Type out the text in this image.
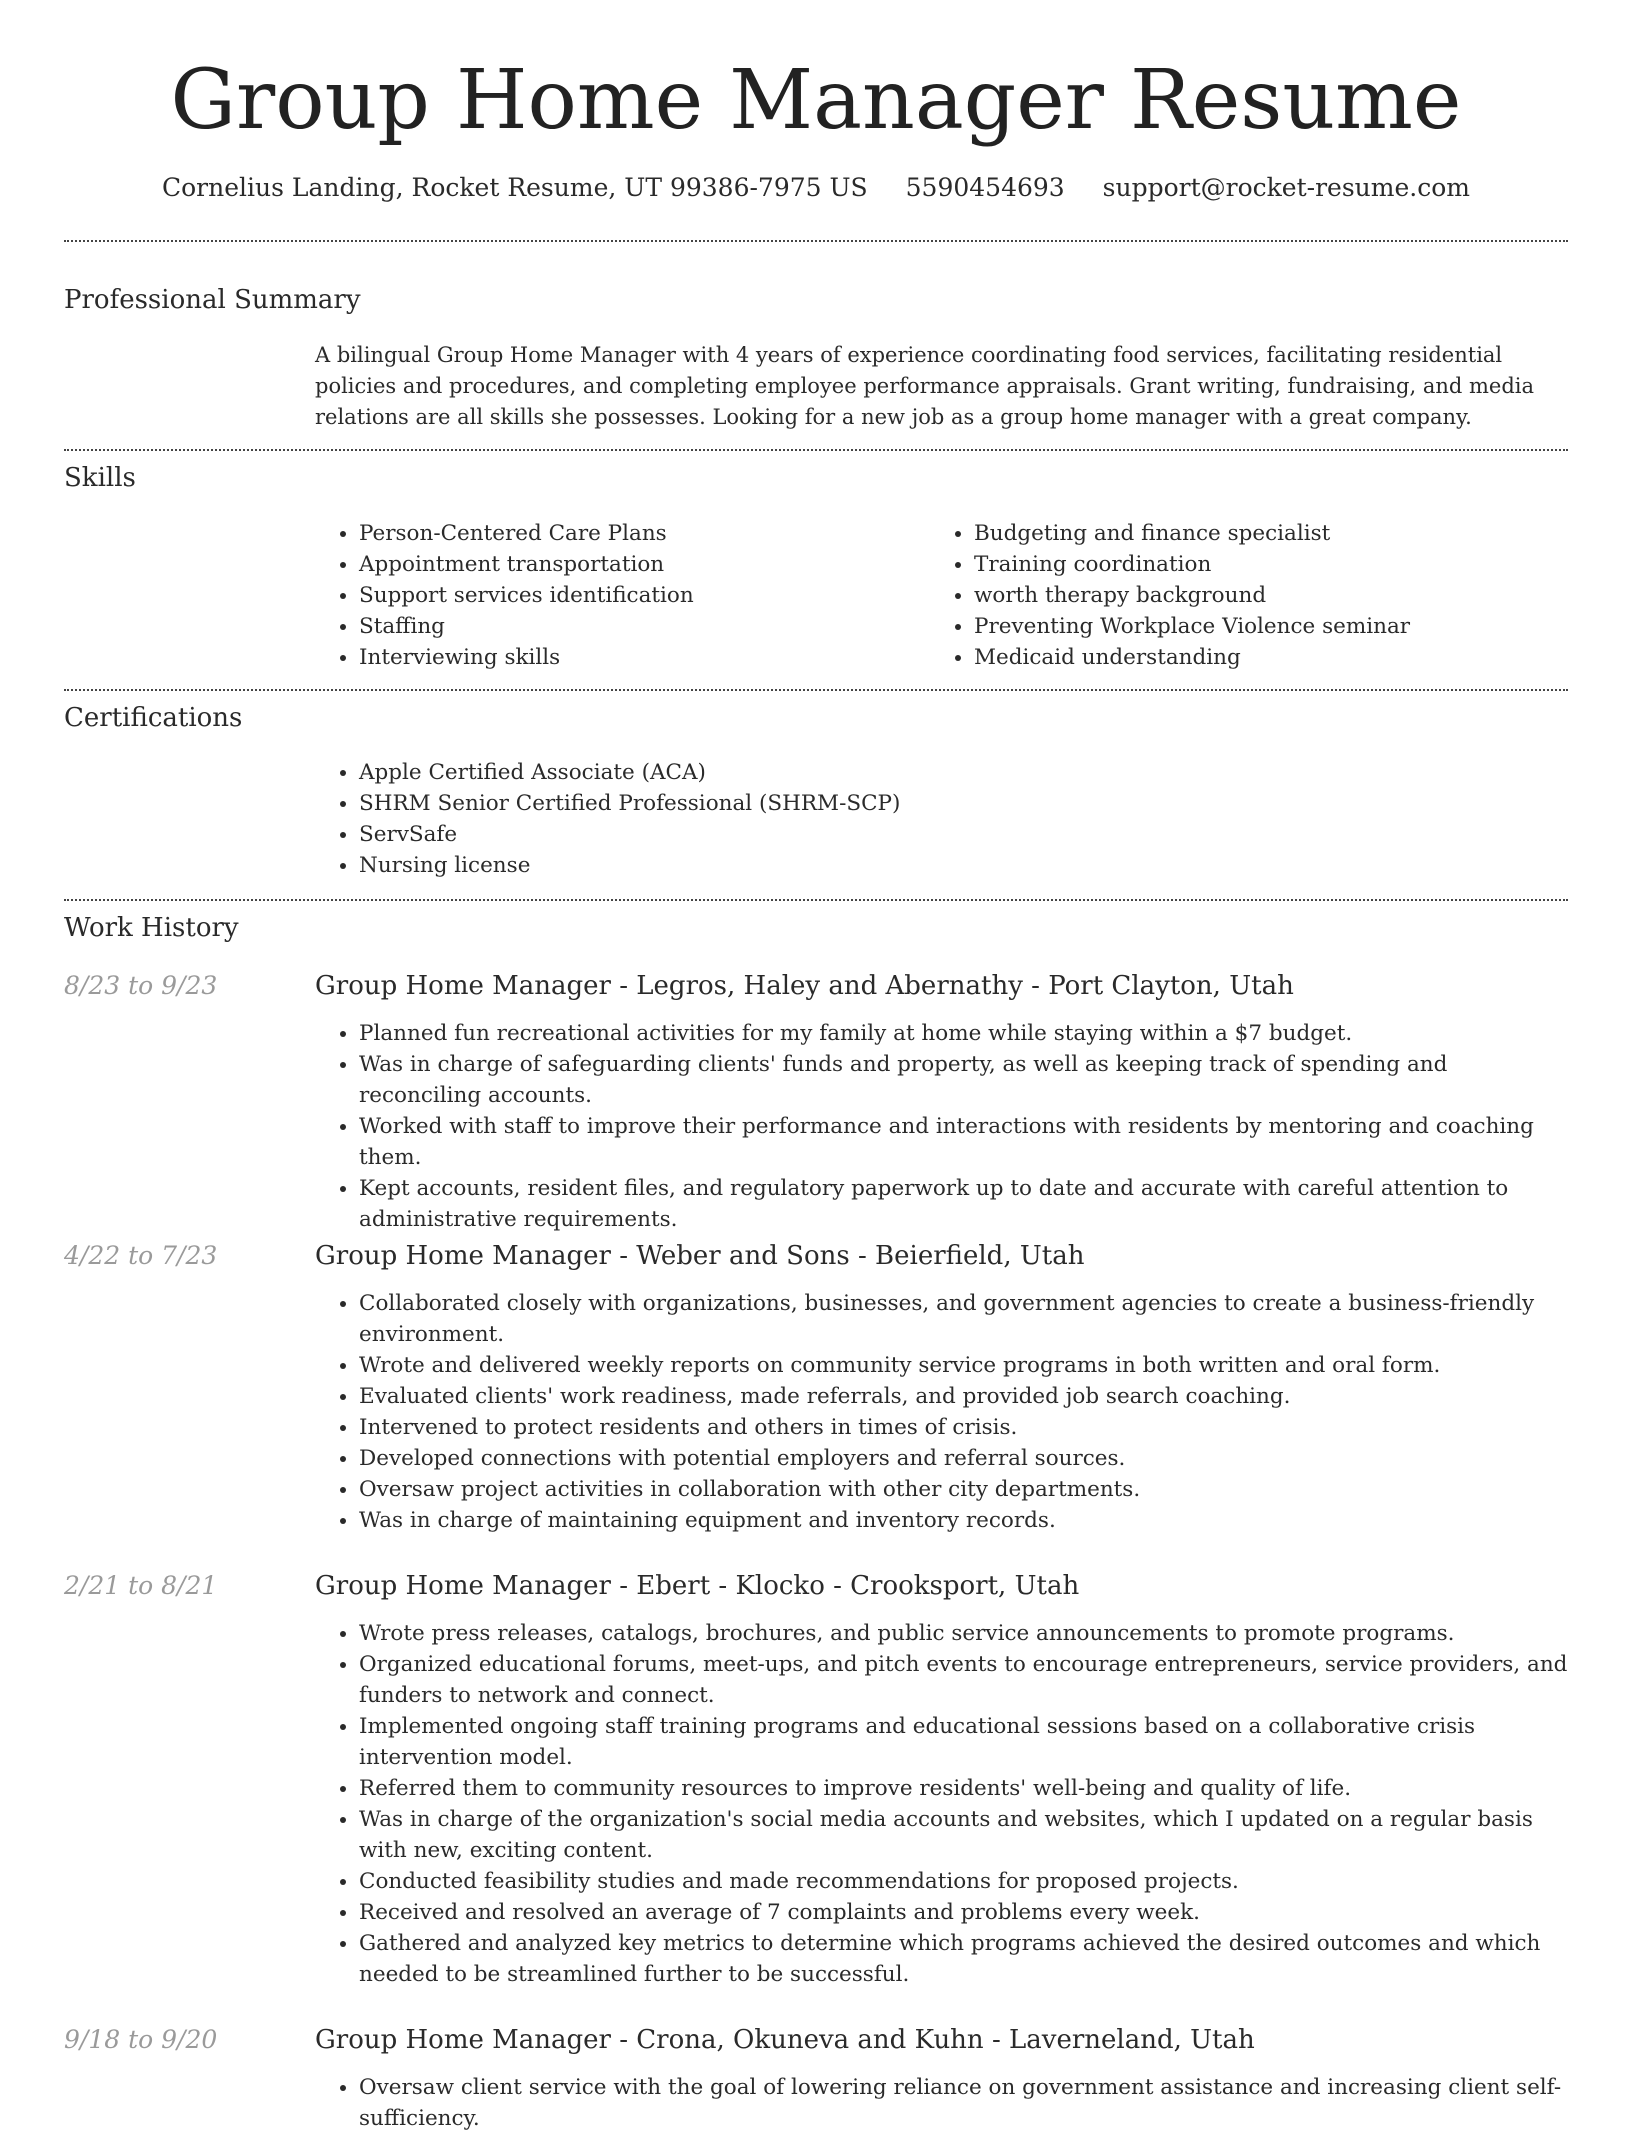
Group Home Manager Resume
Cornelius Landing, Rocket Resume, UT 99386-7975 US 5590454693 support@rocket-resume.com
Professional Summary

A bilingual Group Home Manager with 4 years of experience coordinating food services, facilitating residential policies and procedures, and completing employee performance appraisals. Grant writing, fundraising, and media relations are all skills she possesses. Looking for a new job as a group home manager with a great company.

Skills
• Person-Centered Care Plans
• Appointment transportation
• Support services identification
• Staffing
• Interviewing skills
• Budgeting and finance specialist
• Training coordination
• worth therapy background
• Preventing Workplace Violence seminar
• Medicaid understanding
Certifications
• Apple Certified Associate (ACA)
• SHRM Senior Certified Professional (SHRM-SCP)
• ServSafe
• Nursing license
Work History
8/23 to 9/23	Group Home Manager - Legros, Haley and Abernathy - Port Clayton, Utah
• Planned fun recreational activities for my family at home while staying within a $7 budget.
• Was in charge of safeguarding clients' funds and property, as well as keeping track of spending and reconciling accounts.
• Worked with staff to improve their performance and interactions with residents by mentoring and coaching them.
• Kept accounts, resident files, and regulatory paperwork up to date and accurate with careful attention to administrative requirements.
4/22 to 7/23	Group Home Manager - Weber and Sons - Beierfield, Utah
• Collaborated closely with organizations, businesses, and government agencies to create a business-friendly environment.
• Wrote and delivered weekly reports on community service programs in both written and oral form.
• Evaluated clients' work readiness, made referrals, and provided job search coaching.
• Intervened to protect residents and others in times of crisis.
• Developed connections with potential employers and referral sources.
• Oversaw project activities in collaboration with other city departments.
• Was in charge of maintaining equipment and inventory records.
2/21 to 8/21	Group Home Manager - Ebert - Klocko - Crooksport, Utah
• Wrote press releases, catalogs, brochures, and public service announcements to promote programs.
• Organized educational forums, meet-ups, and pitch events to encourage entrepreneurs, service providers, and funders to network and connect.
• Implemented ongoing staff training programs and educational sessions based on a collaborative crisis intervention model.
• Referred them to community resources to improve residents' well-being and quality of life.
• Was in charge of the organization's social media accounts and websites, which I updated on a regular basis with new, exciting content.
• Conducted feasibility studies and made recommendations for proposed projects.
• Received and resolved an average of 7 complaints and problems every week.
• Gathered and analyzed key metrics to determine which programs achieved the desired outcomes and which needed to be streamlined further to be successful.
9/18 to 9/20	Group Home Manager - Crona, Okuneva and Kuhn - Laverneland, Utah
• Oversaw client service with the goal of lowering reliance on government assistance and increasing client self-sufficiency.
